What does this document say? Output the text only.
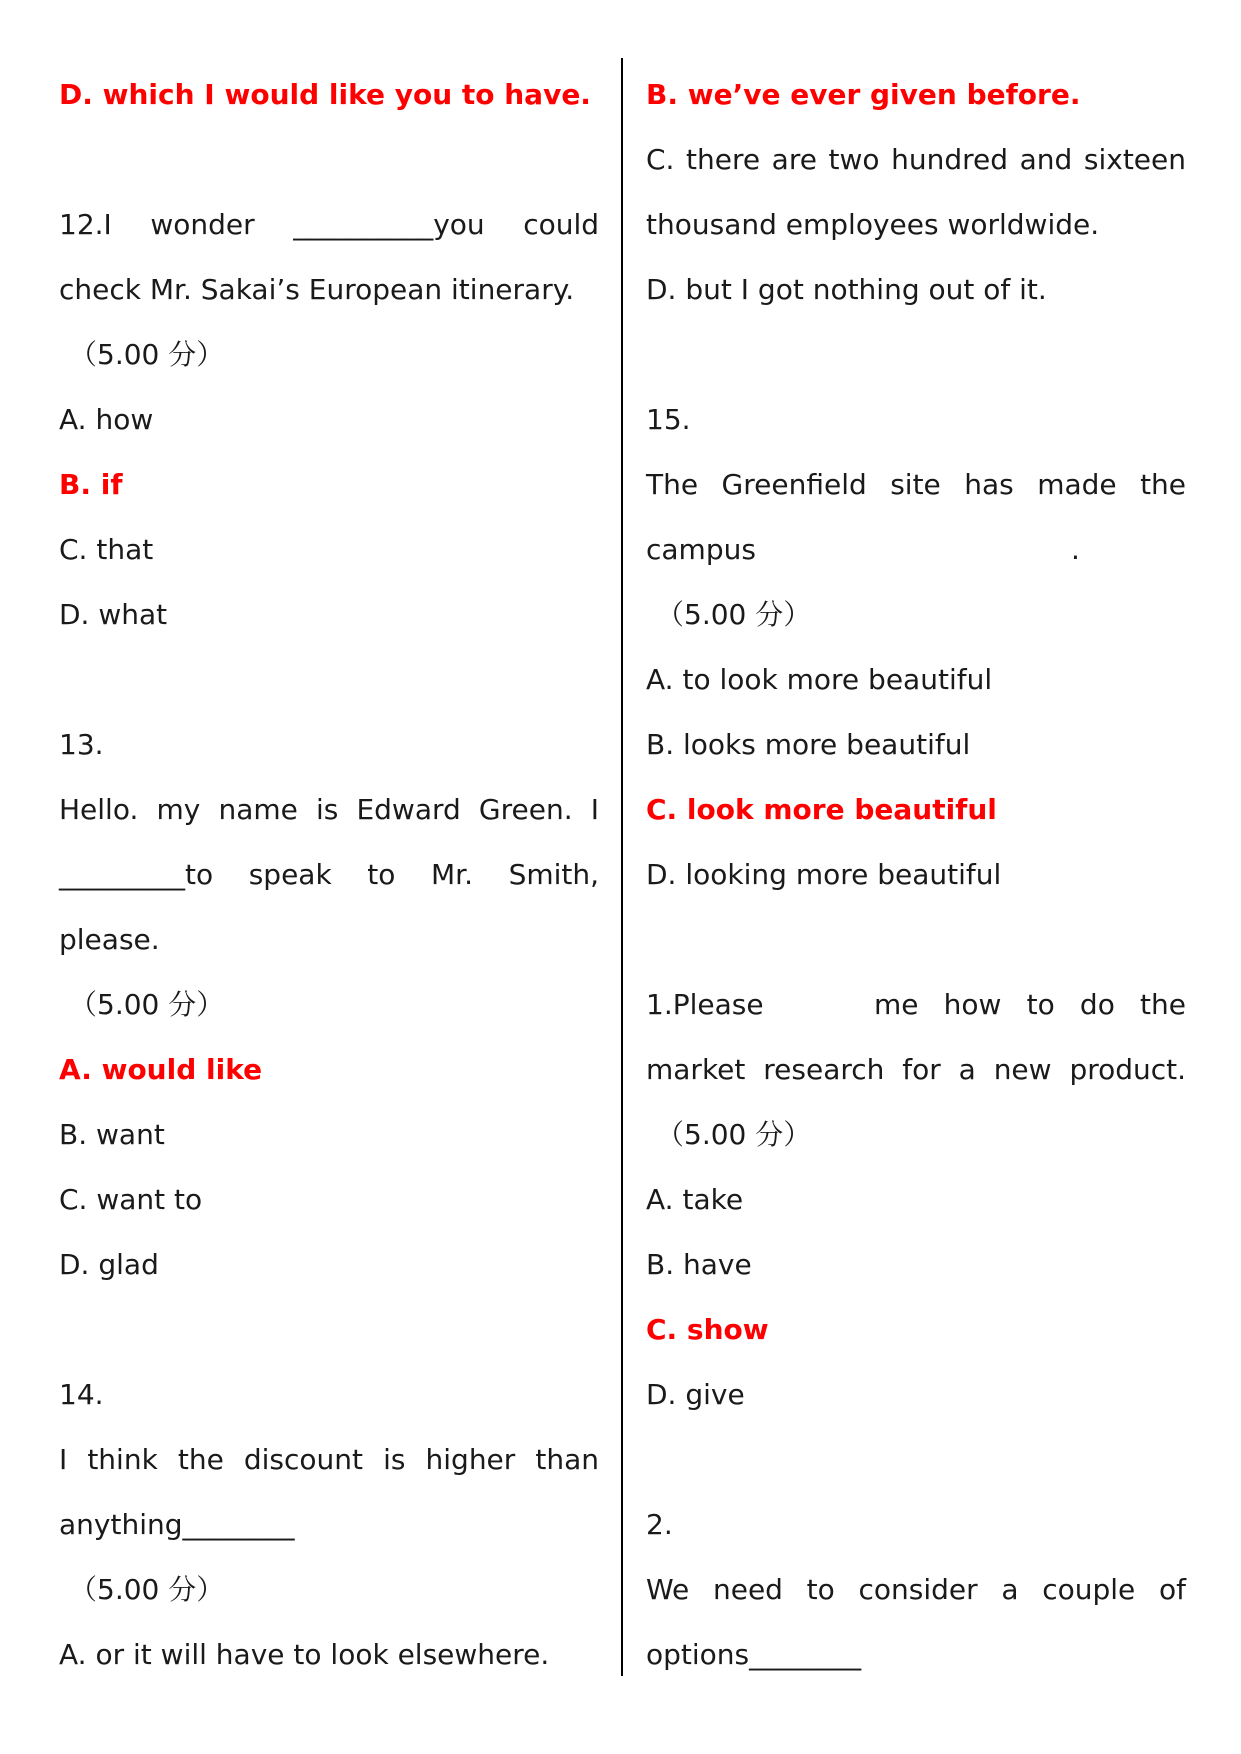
D. which I would like you to have.
12.I wonder __________you could
check Mr. Sakai’s European itinerary.
（5.00 分）
A. how
B. if
C. that
D. what
13.
Hello. my name is Edward Green. I
_________to speak to Mr. Smith,
please.
（5.00 分）
A. would like
B. want
C. want to
D. glad
14.
I think the discount is higher than
anything________
（5.00 分）
A. or it will have to look elsewhere.
B. we’ve ever given before.
C. there are two hundred and sixteen
thousand employees worldwide.
D. but I got nothing out of it.
15.
The Greenfield site has made the
campus	.
（5.00 分）
A. to look more beautiful
B. looks more beautiful
C. look more beautiful
D. looking more beautiful
1.Please	me how to do the
market research for a new product.
（5.00 分）
A. take
B. have
C. show
D. give
2.
We need to consider a couple of
options________
